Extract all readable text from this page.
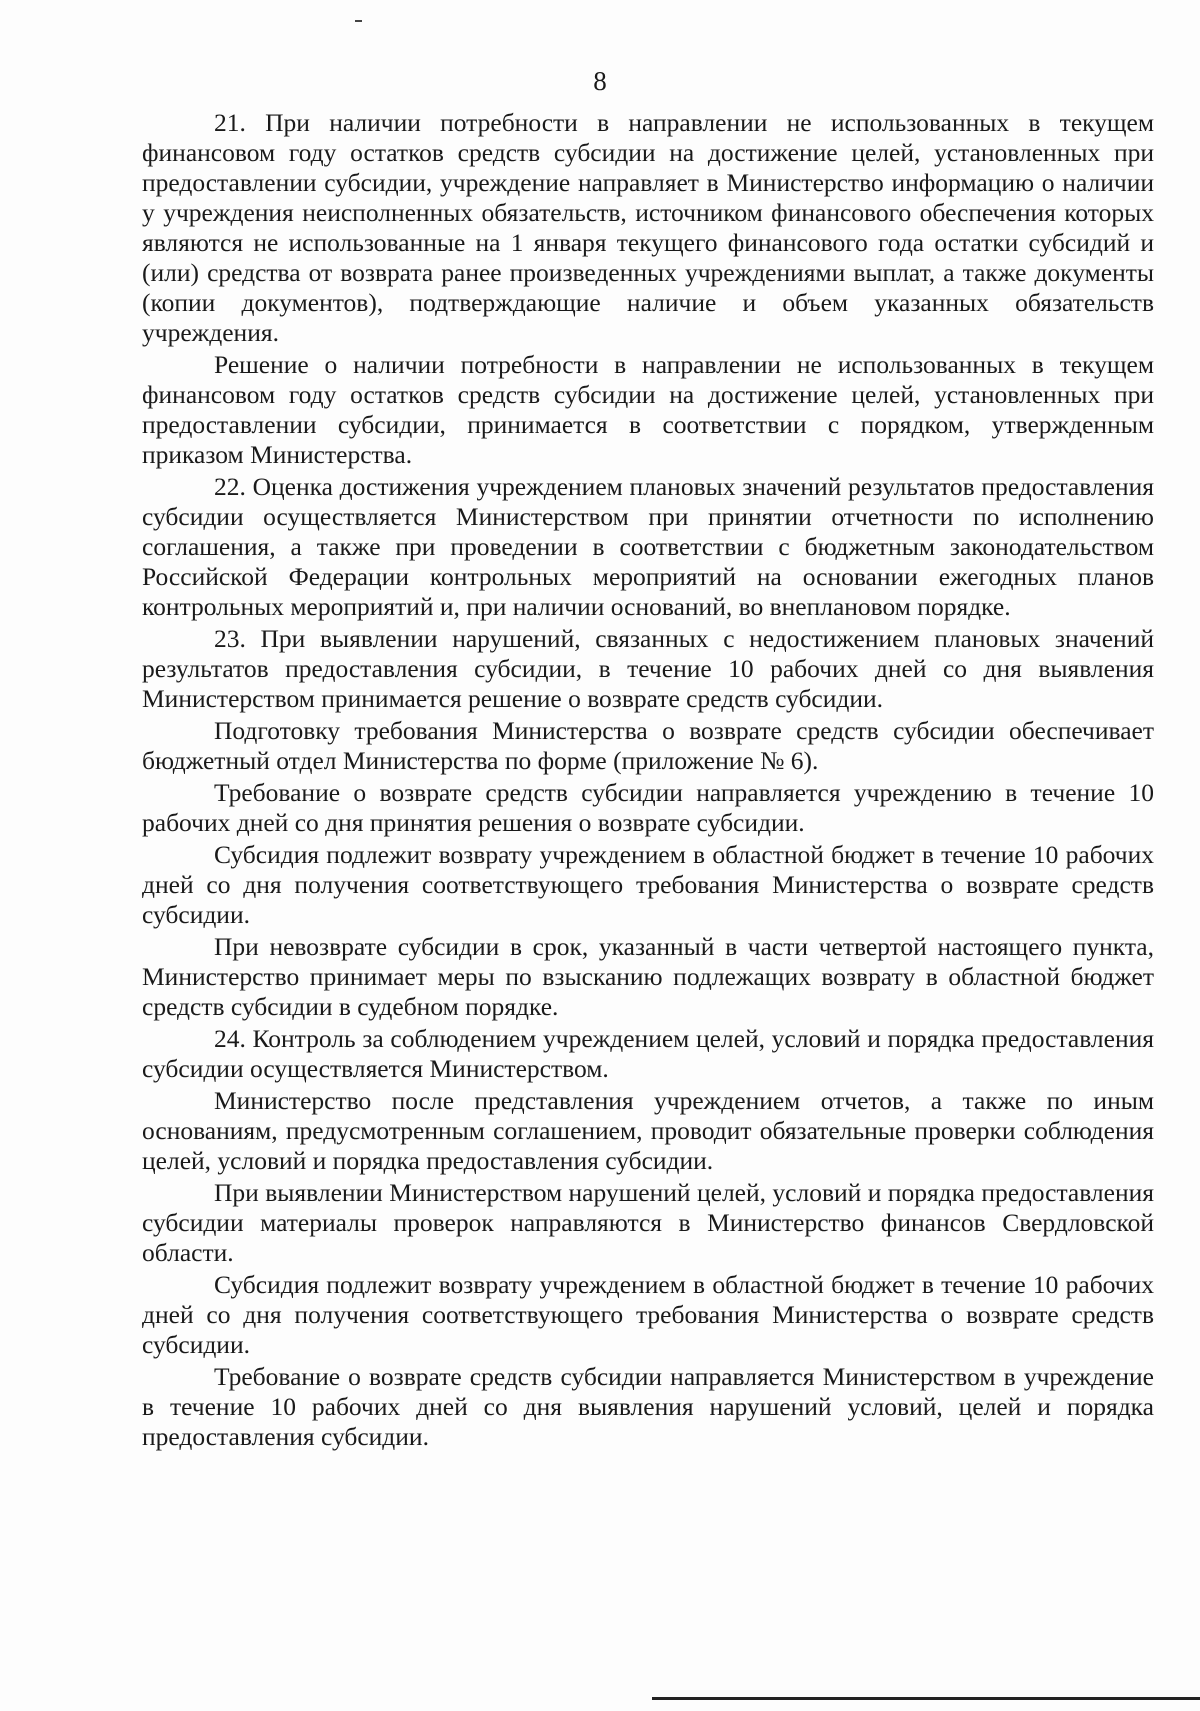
8

21. При наличии потребности в направлении не использованных в текущем финансовом году остатков средств субсидии на достижение целей, установленных при предоставлении субсидии, учреждение направляет в Министерство информацию о наличии у учреждения неисполненных обязательств, источником финансового обеспечения которых являются не использованные на 1 января текущего финансового года остатки субсидий и (или) средства от возврата ранее произведенных учреждениями выплат, а также документы (копии документов), подтверждающие наличие и объем указанных обязательств учреждения.

Решение о наличии потребности в направлении не использованных в текущем финансовом году остатков средств субсидии на достижение целей, установленных при предоставлении субсидии, принимается в соответствии с порядком, утвержденным приказом Министерства.

22. Оценка достижения учреждением плановых значений результатов предоставления субсидии осуществляется Министерством при принятии отчетности по исполнению соглашения, а также при проведении в соответствии с бюджетным законодательством Российской Федерации контрольных мероприятий на основании ежегодных планов контрольных мероприятий и, при наличии оснований, во внеплановом порядке.

23. При выявлении нарушений, связанных с недостижением плановых значений результатов предоставления субсидии, в течение 10 рабочих дней со дня выявления Министерством принимается решение о возврате средств субсидии.

Подготовку требования Министерства о возврате средств субсидии обеспечивает бюджетный отдел Министерства по форме (приложение № 6).

Требование о возврате средств субсидии направляется учреждению в течение 10 рабочих дней со дня принятия решения о возврате субсидии.

Субсидия подлежит возврату учреждением в областной бюджет в течение 10 рабочих дней со дня получения соответствующего требования Министерства о возврате средств субсидии.

При невозврате субсидии в срок, указанный в части четвертой настоящего пункта, Министерство принимает меры по взысканию подлежащих возврату в областной бюджет средств субсидии в судебном порядке.

24. Контроль за соблюдением учреждением целей, условий и порядка предоставления субсидии осуществляется Министерством.

Министерство после представления учреждением отчетов, а также по иным основаниям, предусмотренным соглашением, проводит обязательные проверки соблюдения целей, условий и порядка предоставления субсидии.

При выявлении Министерством нарушений целей, условий и порядка предоставления субсидии материалы проверок направляются в Министерство финансов Свердловской области.

Субсидия подлежит возврату учреждением в областной бюджет в течение 10 рабочих дней со дня получения соответствующего требования Министерства о возврате средств субсидии.

Требование о возврате средств субсидии направляется Министерством в учреждение в течение 10 рабочих дней со дня выявления нарушений условий, целей и порядка предоставления субсидии.
